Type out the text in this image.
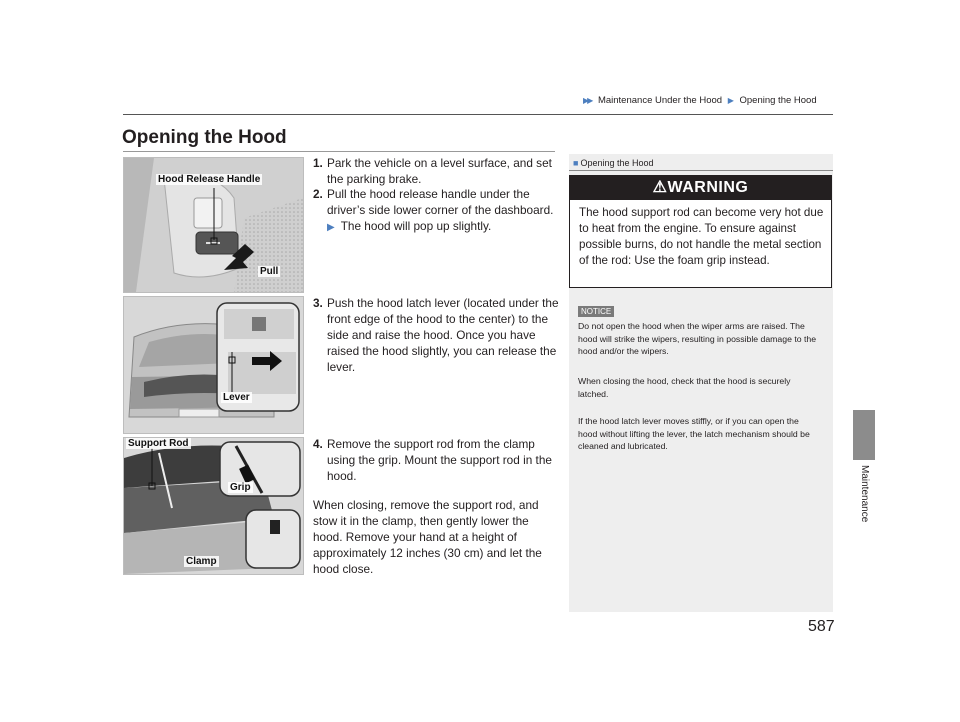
▶▶ Maintenance Under the Hood ▶ Opening the Hood
Opening the Hood
Hood Release Handle
Pull
Lever
Support Rod
Grip
Clamp
1. Park the vehicle on a level surface, and set the parking brake.
2. Pull the hood release handle under the driver’s side lower corner of the dashboard.
▶ The hood will pop up slightly.
3. Push the hood latch lever (located under the front edge of the hood to the center) to the side and raise the hood. Once you have raised the hood slightly, you can release the lever.
4. Remove the support rod from the clamp using the grip. Mount the support rod in the hood.
When closing, remove the support rod, and stow it in the clamp, then gently lower the hood. Remove your hand at a height of approximately 12 inches (30 cm) and let the hood close.
■ Opening the Hood
⚠WARNING
The hood support rod can become very hot due to heat from the engine. To ensure against possible burns, do not handle the metal section of the rod: Use the foam grip instead.
NOTICE
Do not open the hood when the wiper arms are raised. The hood will strike the wipers, resulting in possible damage to the hood and/or the wipers.
When closing the hood, check that the hood is securely latched.
If the hood latch lever moves stiffly, or if you can open the hood without lifting the lever, the latch mechanism should be cleaned and lubricated.
Maintenance
587
